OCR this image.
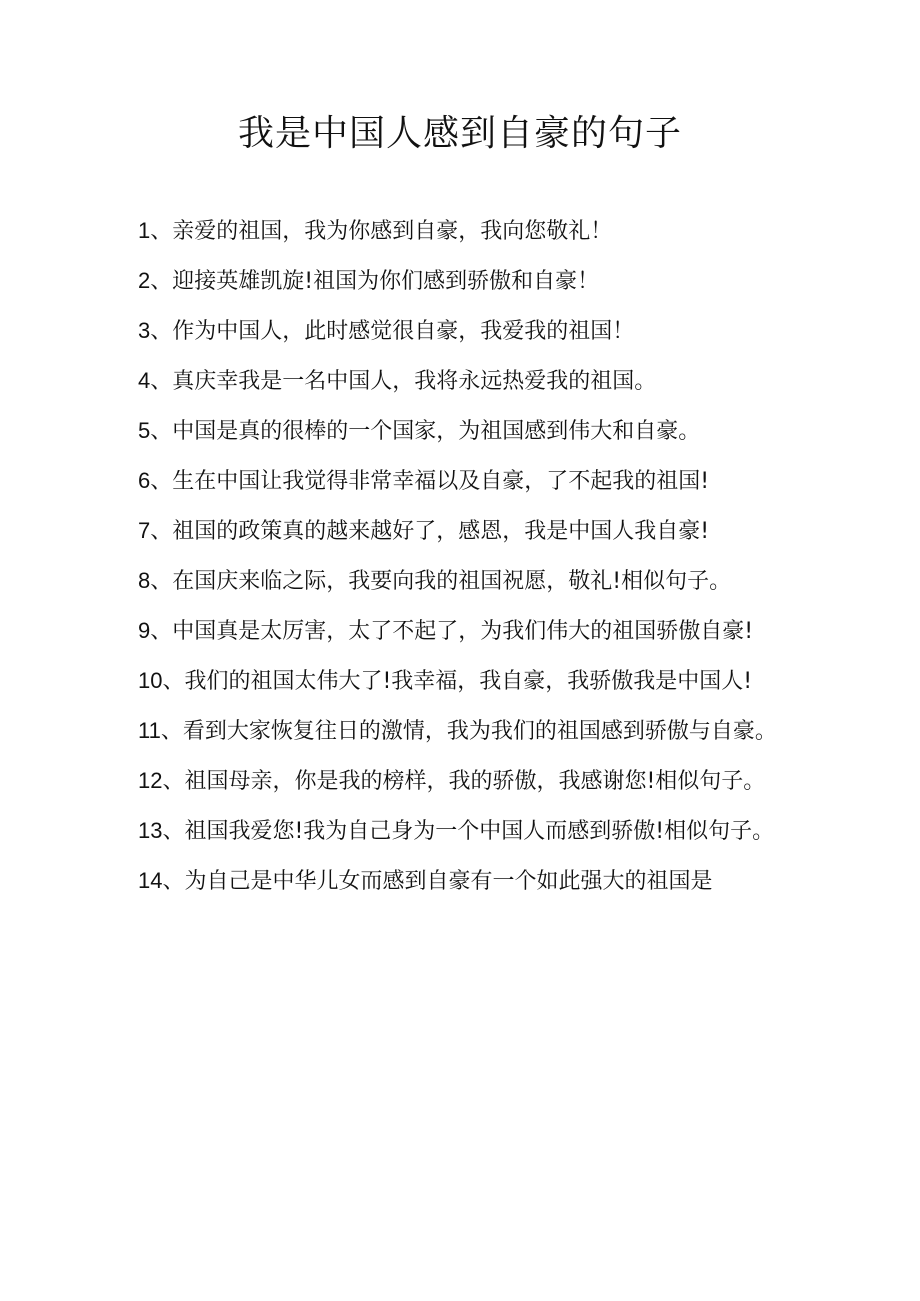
我是中国人感到自豪的句子
1、亲爱的祖国，我为你感到自豪，我向您敬礼！
2、迎接英雄凯旋!祖国为你们感到骄傲和自豪！
3、作为中国人，此时感觉很自豪，我爱我的祖国！
4、真庆幸我是一名中国人，我将永远热爱我的祖国。
5、中国是真的很棒的一个国家，为祖国感到伟大和自豪。
6、生在中国让我觉得非常幸福以及自豪，了不起我的祖国!
7、祖国的政策真的越来越好了，感恩，我是中国人我自豪!
8、在国庆来临之际，我要向我的祖国祝愿，敬礼!相似句子。
9、中国真是太厉害，太了不起了，为我们伟大的祖国骄傲自豪!
10、我们的祖国太伟大了!我幸福，我自豪，我骄傲我是中国人!
11、看到大家恢复往日的激情，我为我们的祖国感到骄傲与自豪。
12、祖国母亲，你是我的榜样，我的骄傲，我感谢您!相似句子。
13、祖国我爱您!我为自己身为一个中国人而感到骄傲!相似句子。
14、为自己是中华儿女而感到自豪有一个如此强大的祖国是
